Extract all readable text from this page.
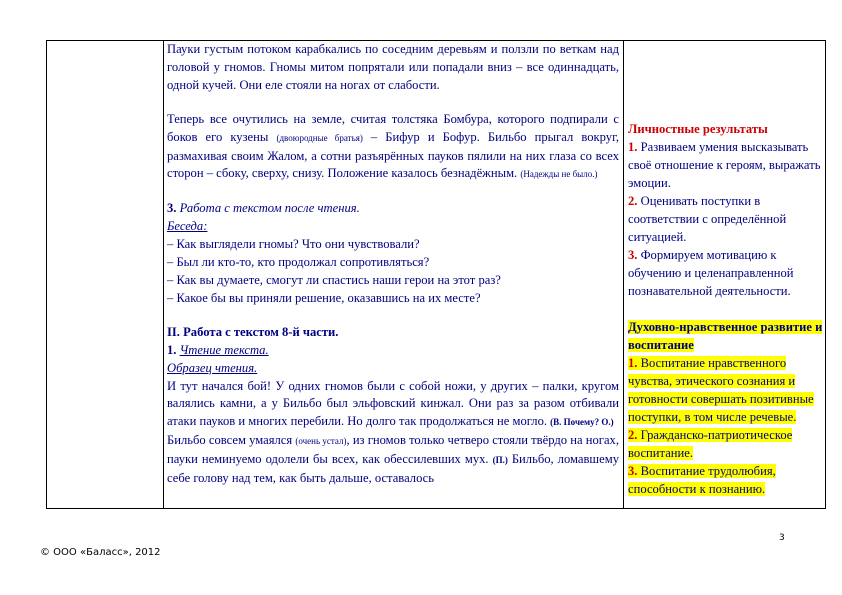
Пауки густым потоком карабкались по соседним деревьям и ползли по веткам над головой у гномов. Гномы митом попрятали или попадали вниз – все одиннадцать, одной кучей. Они еле стояли на ногах от слабости.

Теперь все очутились на земле, считая толстяка Бомбура, которого подпирали с боков его кузены (двоюродные братья) – Бифур и Бофур. Бильбо прыгал вокруг, размахивая своим Жалом, а сотни разъярённых пауков пялили на них глаза со всех сторон – сбоку, сверху, снизу. Положение казалось безнадёжным. (Надежды не было.)

3. Работа с текстом после чтения.

Беседа:

– Как выглядели гномы? Что они чувствовали?

– Был ли кто-то, кто продолжал сопротивляться?

– Как вы думаете, смогут ли спастись наши герои на этот раз?

– Какое бы вы приняли решение, оказавшись на их месте?

II. Работа с текстом 8-й части.

1. Чтение текста.

Образец чтения.

И тут начался бой! У одних гномов были с собой ножи, у других – палки, кругом валялись камни, а у Бильбо был эльфовский кинжал. Они раз за разом отбивали атаки пауков и многих перебили. Но долго так продолжаться не могло. (В. Почему? О.)

Бильбо совсем умаялся (очень устал), из гномов только четверо стояли твёрдо на ногах, пауки неминуемо одолели бы всех, как обессилевших мух. (П.) Бильбо, ломавшему себе голову над тем, как быть дальше, оставалось

Личностные результаты

1. Развиваем умения высказывать своё отношение к героям, выражать эмоции.

2. Оценивать поступки в соответствии с определённой ситуацией.

3. Формируем мотивацию к обучению и целенаправленной познавательной деятельности.

Духовно-нравственное развитие и воспитание

1. Воспитание нравственного чувства, этического сознания и готовности совершать позитивные поступки, в том числе речевые.

2. Гражданско-патриотическое воспитание.

3. Воспитание трудолюбия, способности к познанию.

3
© ООО «Баласс», 2012
